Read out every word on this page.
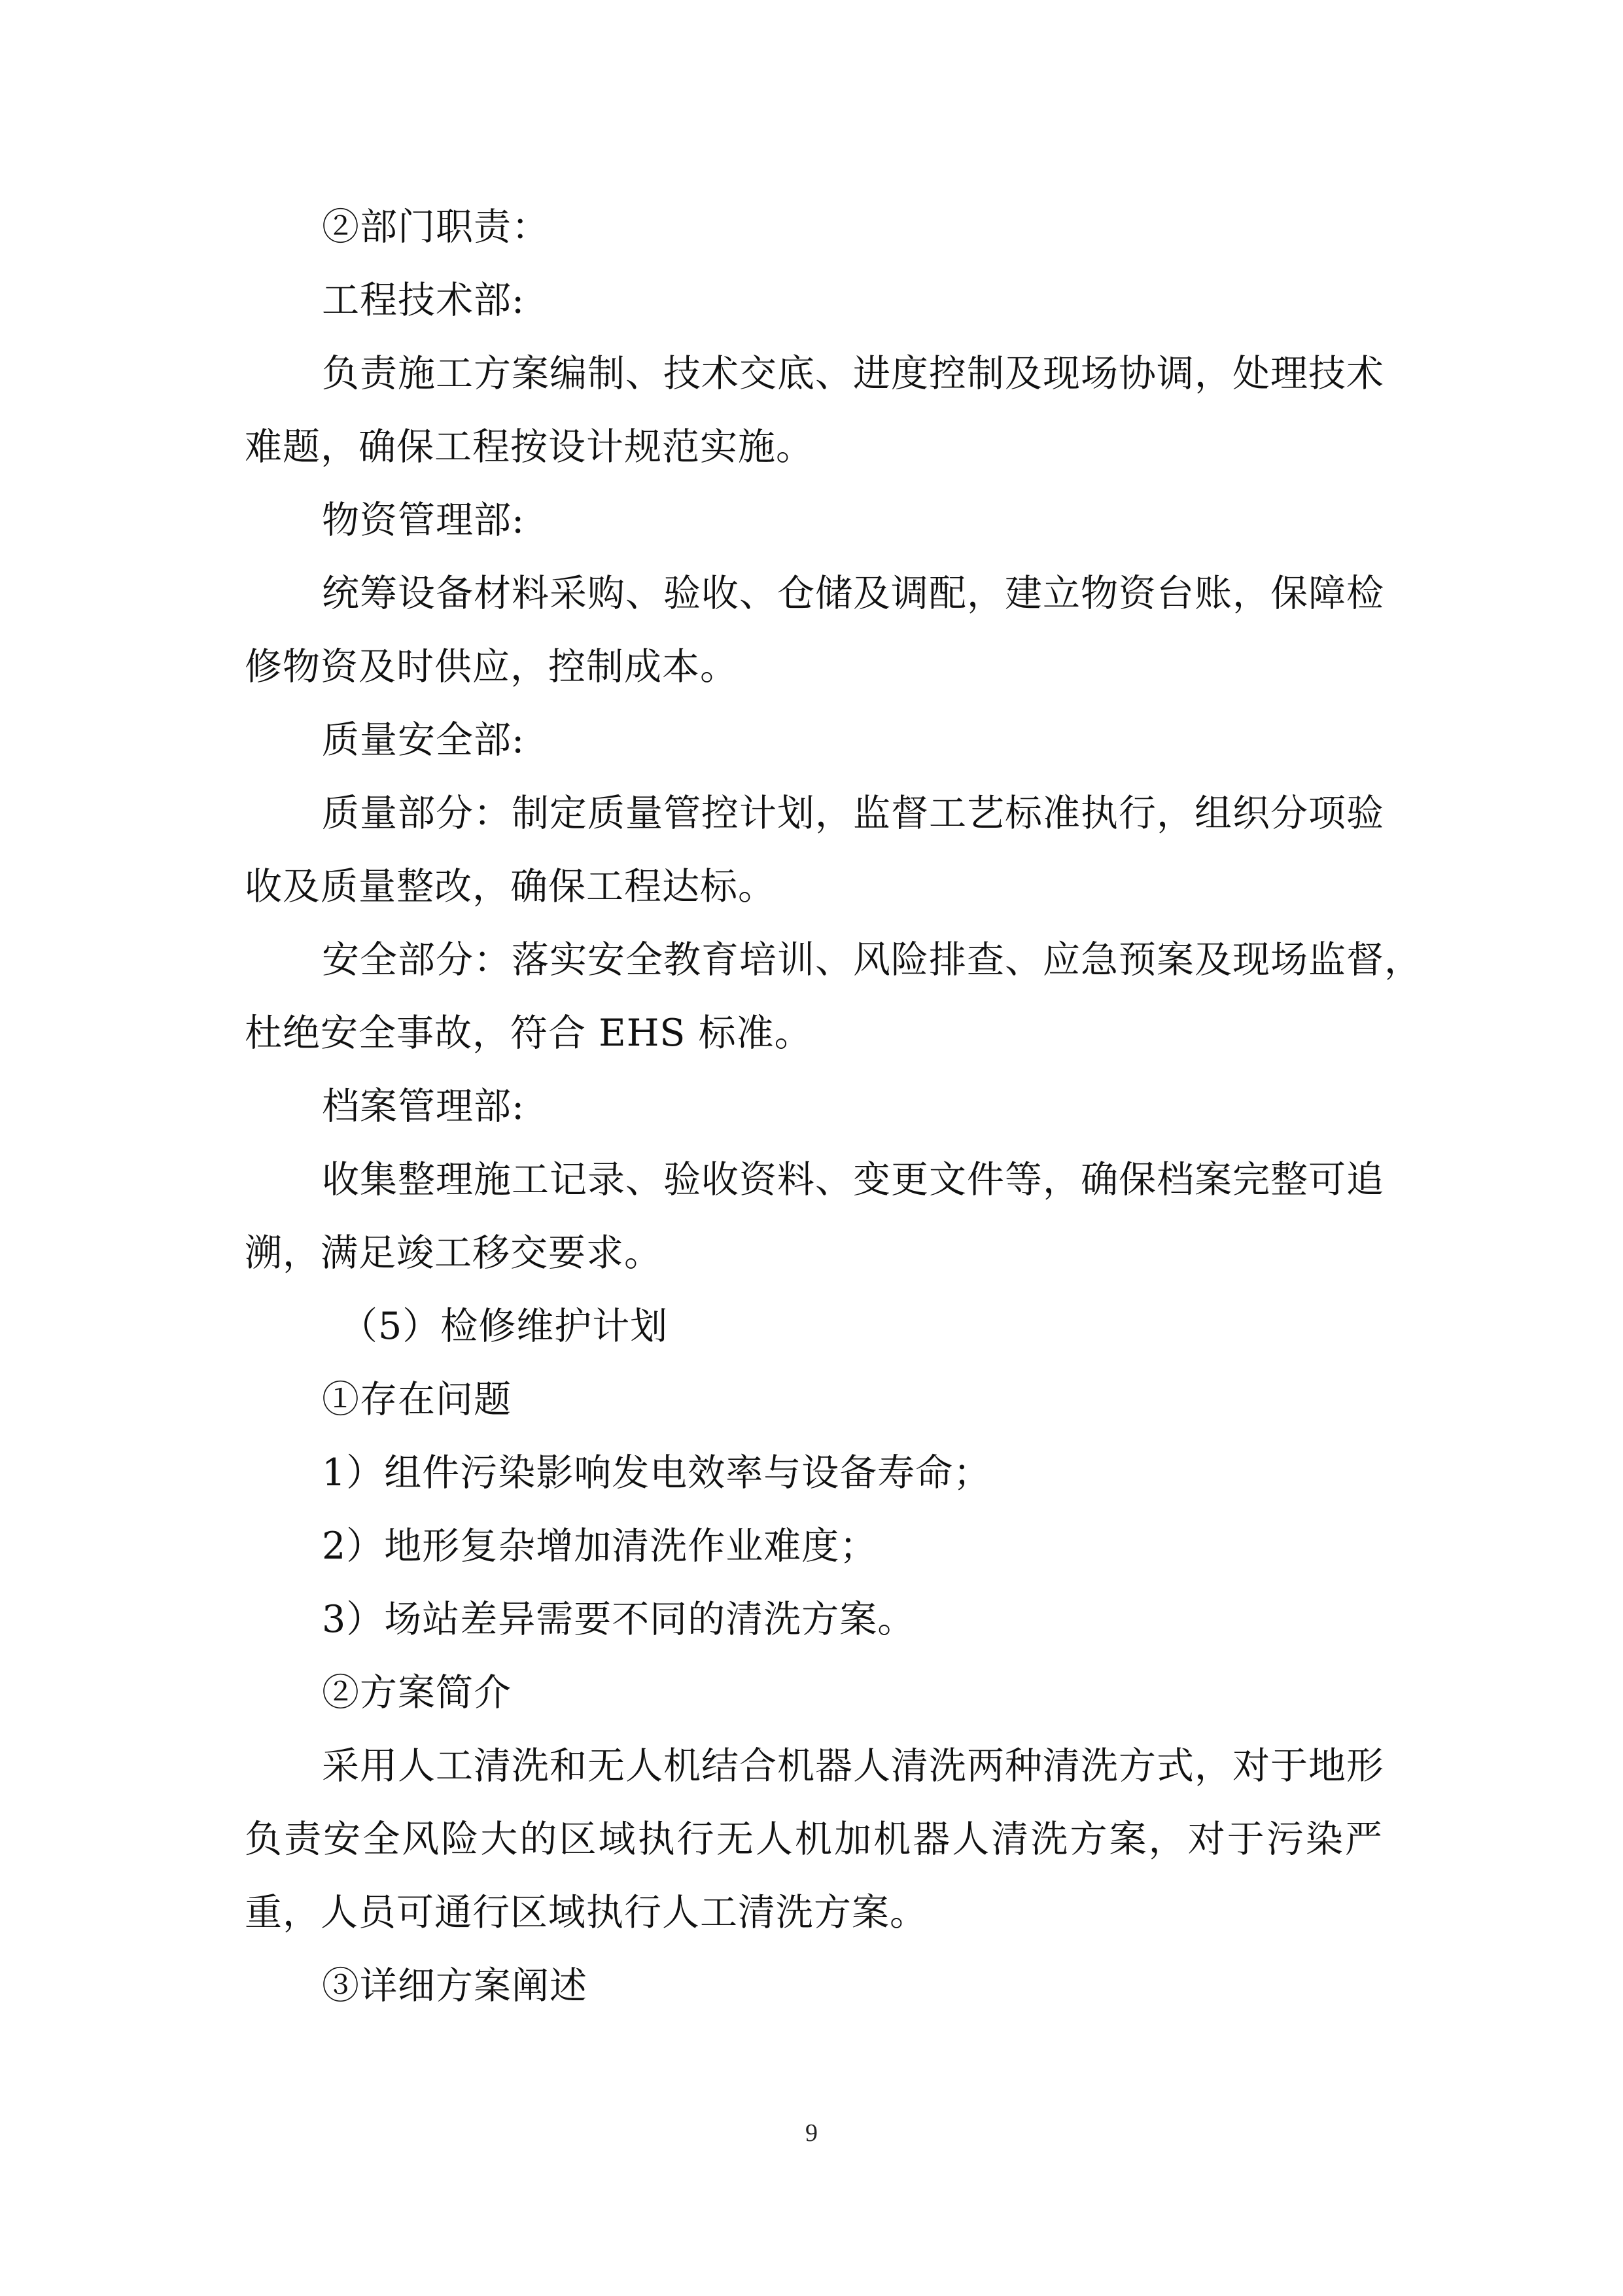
②部门职责：
工程技术部:
负责施工方案编制、技术交底、进度控制及现场协调，处理技术
难题，确保工程按设计规范实施。
物资管理部:
统筹设备材料采购、验收、仓储及调配，建立物资台账，保障检
修物资及时供应，控制成本。
质量安全部:
质量部分：制定质量管控计划，监督工艺标准执行，组织分项验
收及质量整改，确保工程达标。
安全部分：落实安全教育培训、风险排查、应急预案及现场监督，
杜绝安全事故，符合 EHS 标准。
档案管理部:
收集整理施工记录、验收资料、变更文件等，确保档案完整可追
溯，满足竣工移交要求。
（5）检修维护计划
①存在问题
1）组件污染影响发电效率与设备寿命；
2）地形复杂增加清洗作业难度；
3）场站差异需要不同的清洗方案。
②方案简介
采用人工清洗和无人机结合机器人清洗两种清洗方式，对于地形
负责安全风险大的区域执行无人机加机器人清洗方案，对于污染严
重，人员可通行区域执行人工清洗方案。
③详细方案阐述
9
